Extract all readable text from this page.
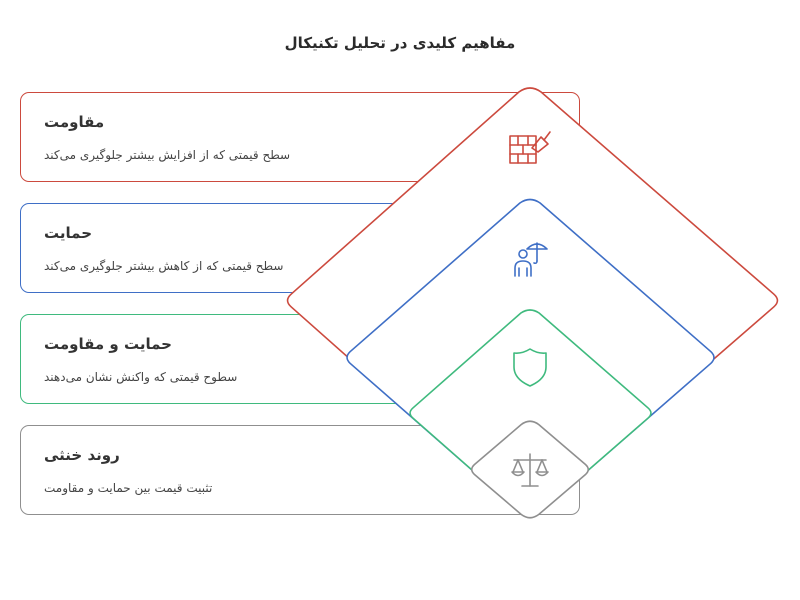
مفاهیم کلیدی در تحلیل تکنیکال
مقاومت
سطح قیمتی که از افزایش بیشتر جلوگیری می‌کند
حمایت
سطح قیمتی که از کاهش بیشتر جلوگیری می‌کند
حمایت و مقاومت
سطوح قیمتی که واکنش نشان می‌دهند
روند خنثی
تثبیت قیمت بین حمایت و مقاومت
